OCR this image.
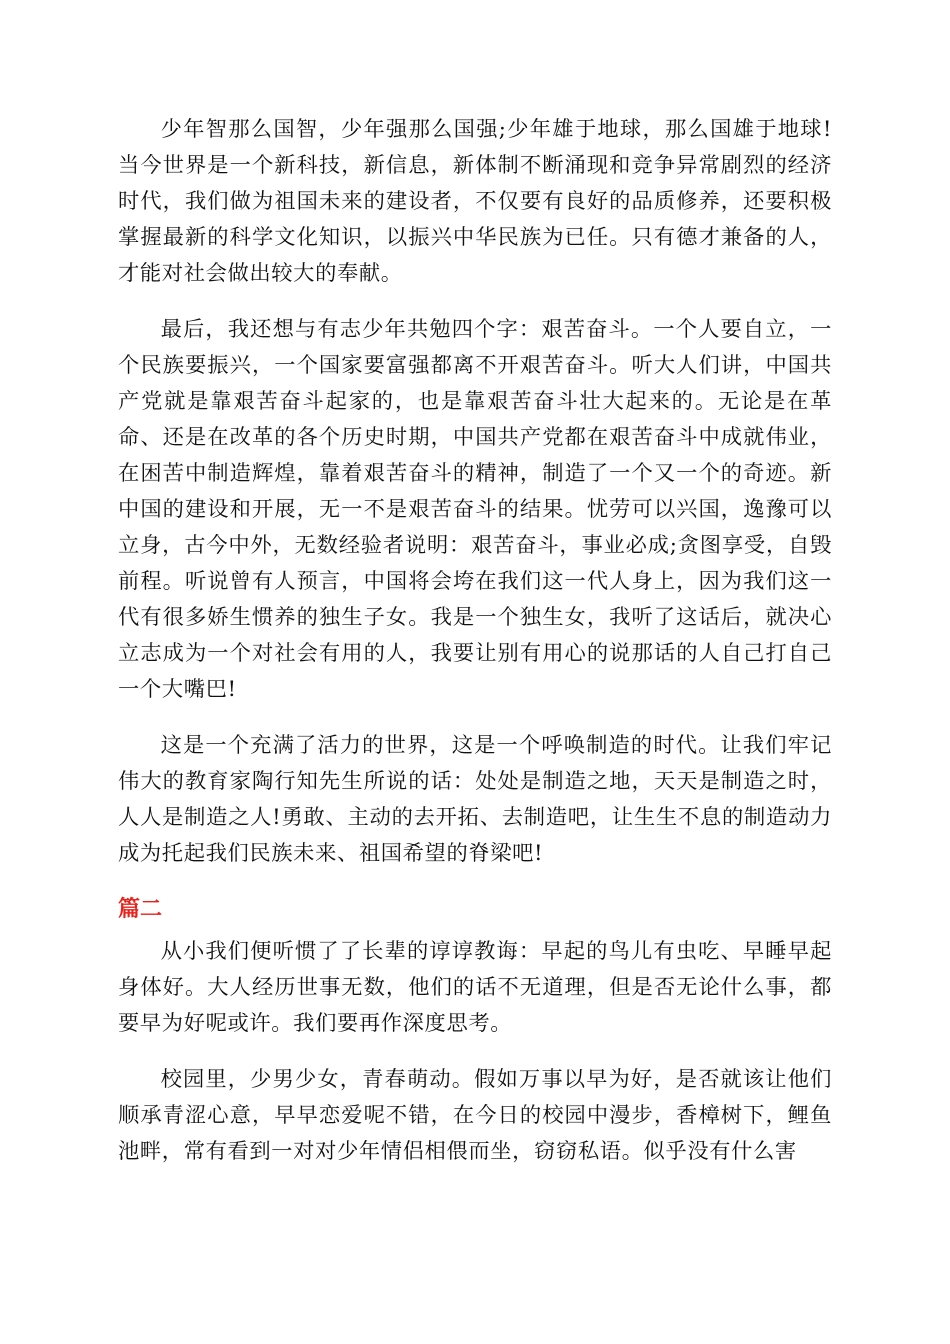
少年智那么国智，少年强那么国强;少年雄于地球，那么国雄于地球!当今世界是一个新科技，新信息，新体制不断涌现和竞争异常剧烈的经济时代，我们做为祖国未来的建设者，不仅要有良好的品质修养，还要积极掌握最新的科学文化知识，以振兴中华民族为已任。只有德才兼备的人，才能对社会做出较大的奉献。

最后，我还想与有志少年共勉四个字：艰苦奋斗。一个人要自立，一个民族要振兴，一个国家要富强都离不开艰苦奋斗。听大人们讲，中国共产党就是靠艰苦奋斗起家的，也是靠艰苦奋斗壮大起来的。无论是在革命、还是在改革的各个历史时期，中国共产党都在艰苦奋斗中成就伟业，在困苦中制造辉煌，靠着艰苦奋斗的精神，制造了一个又一个的奇迹。新中国的建设和开展，无一不是艰苦奋斗的结果。忧劳可以兴国，逸豫可以立身，古今中外，无数经验者说明：艰苦奋斗，事业必成;贪图享受，自毁前程。听说曾有人预言，中国将会垮在我们这一代人身上，因为我们这一代有很多娇生惯养的独生子女。我是一个独生女，我听了这话后，就决心立志成为一个对社会有用的人，我要让别有用心的说那话的人自己打自己一个大嘴巴!

这是一个充满了活力的世界，这是一个呼唤制造的时代。让我们牢记伟大的教育家陶行知先生所说的话：处处是制造之地，天天是制造之时，人人是制造之人!勇敢、主动的去开拓、去制造吧，让生生不息的制造动力成为托起我们民族未来、祖国希望的脊梁吧!

篇二

从小我们便听惯了了长辈的谆谆教诲：早起的鸟儿有虫吃、早睡早起身体好。大人经历世事无数，他们的话不无道理，但是否无论什么事，都要早为好呢或许。我们要再作深度思考。

校园里，少男少女，青春萌动。假如万事以早为好，是否就该让他们顺承青涩心意，早早恋爱呢不错，在今日的校园中漫步，香樟树下，鲤鱼池畔，常有看到一对对少年情侣相偎而坐，窃窃私语。似乎没有什么害
